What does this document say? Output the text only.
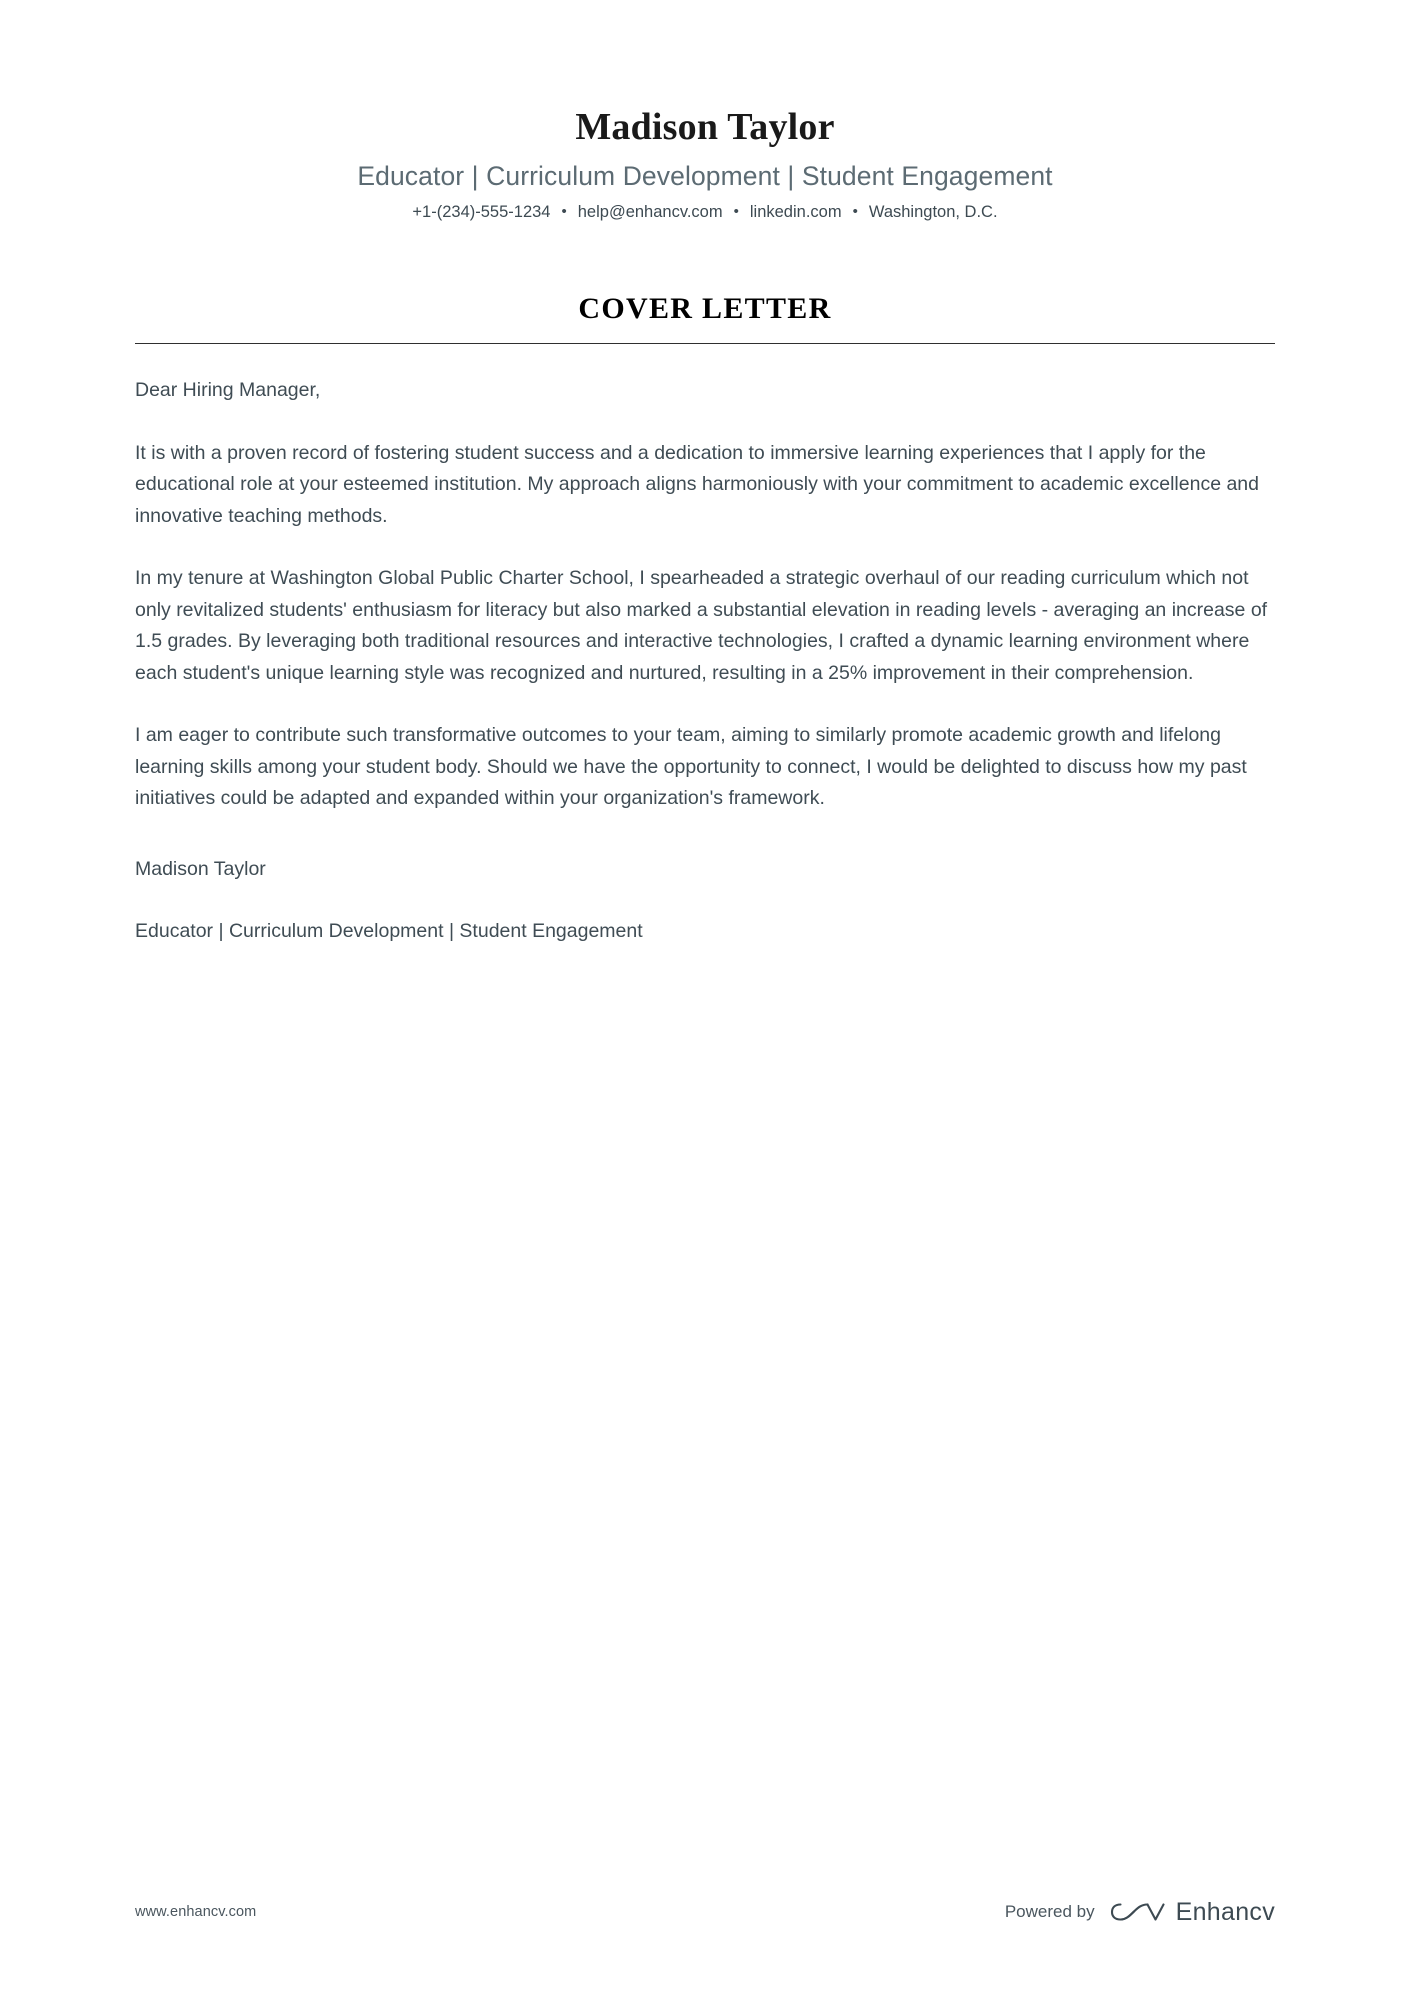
Madison Taylor
Educator | Curriculum Development | Student Engagement
+1-(234)-555-1234 • help@enhancv.com • linkedin.com • Washington, D.C.
COVER LETTER

Dear Hiring Manager,

It is with a proven record of fostering student success and a dedication to immersive learning experiences that I apply for the educational role at your esteemed institution. My approach aligns harmoniously with your commitment to academic excellence and innovative teaching methods.

In my tenure at Washington Global Public Charter School, I spearheaded a strategic overhaul of our reading curriculum which not only revitalized students' enthusiasm for literacy but also marked a substantial elevation in reading levels - averaging an increase of 1.5 grades. By leveraging both traditional resources and interactive technologies, I crafted a dynamic learning environment where each student's unique learning style was recognized and nurtured, resulting in a 25% improvement in their comprehension.

I am eager to contribute such transformative outcomes to your team, aiming to similarly promote academic growth and lifelong learning skills among your student body. Should we have the opportunity to connect, I would be delighted to discuss how my past initiatives could be adapted and expanded within your organization's framework.

Madison Taylor

Educator | Curriculum Development | Student Engagement

www.enhancv.com	Powered by	Enhancv
